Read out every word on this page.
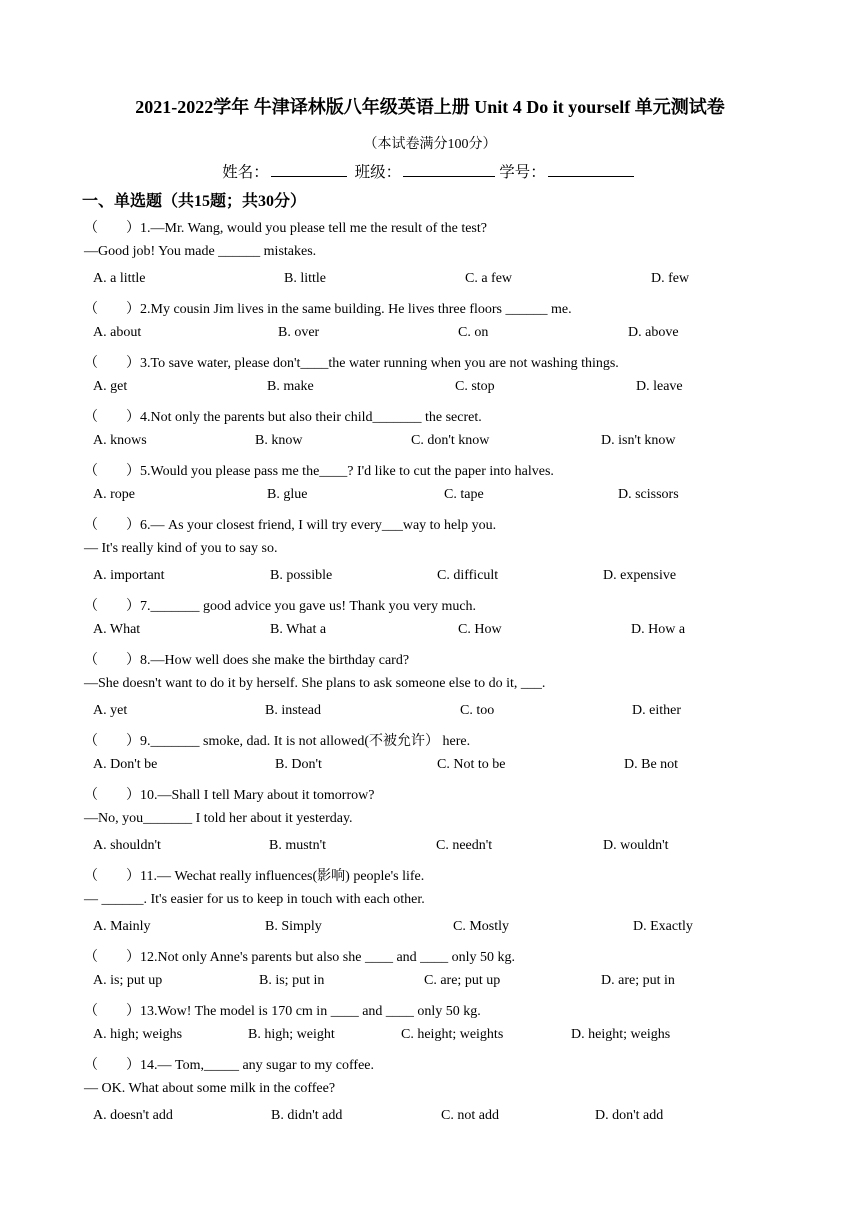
2021-2022学年 牛津译林版八年级英语上册 Unit 4 Do it yourself 单元测试卷
（本试卷满分100分）
姓名：	班级：	学号：
一、单选题（共15题；共30分）
（　　）1.—Mr. Wang, would you please tell me the result of the test?
—Good job! You made ______ mistakes.
A. a little	B. little	C. a few	D. few
（　　）2.My cousin Jim lives in the same building. He lives three floors ______ me.
A. about	B. over	C. on	D. above
（　　）3.To save water, please don't____the water running when you are not washing things.
A. get	B. make	C. stop	D. leave
（　　）4.Not only the parents but also their child_______ the secret.
A. knows	B. know	C. don't know	D. isn't know
（　　）5.Would you please pass me the____? I'd like to cut the paper into halves.
A. rope	B. glue	C. tape	D. scissors
（　　）6.— As your closest friend, I will try every___way to help you.
— It's really kind of you to say so.
A. important	B. possible	C. difficult	D. expensive
（　　）7._______ good advice you gave us! Thank you very much.
A. What	B. What a	C. How	D. How a
（　　）8.—How well does she make the birthday card?
—She doesn't want to do it by herself. She plans to ask someone else to do it, ___.
A. yet	B. instead	C. too	D. either
（　　）9._______ smoke, dad. It is not allowed(不被允许） here.
A. Don't be	B. Don't	C. Not to be	D. Be not
（　　）10.—Shall I tell Mary about it tomorrow?
—No, you_______ I told her about it yesterday.
A. shouldn't	B. mustn't	C. needn't	D. wouldn't
（　　）11.— Wechat really influences(影响) people's life.
— ______. It's easier for us to keep in touch with each other.
A. Mainly	B. Simply	C. Mostly	D. Exactly
（　　）12.Not only Anne's parents but also she ____ and ____ only 50 kg.
A. is; put up	B. is; put in	C. are; put up	D. are; put in
（　　）13.Wow! The model is 170 cm in ____ and ____ only 50 kg.
A. high; weighs	B. high; weight	C. height; weights	D. height; weighs
（　　）14.— Tom,_____ any sugar to my coffee.
— OK. What about some milk in the coffee?
A. doesn't add	B. didn't add	C. not add	D. don't add
